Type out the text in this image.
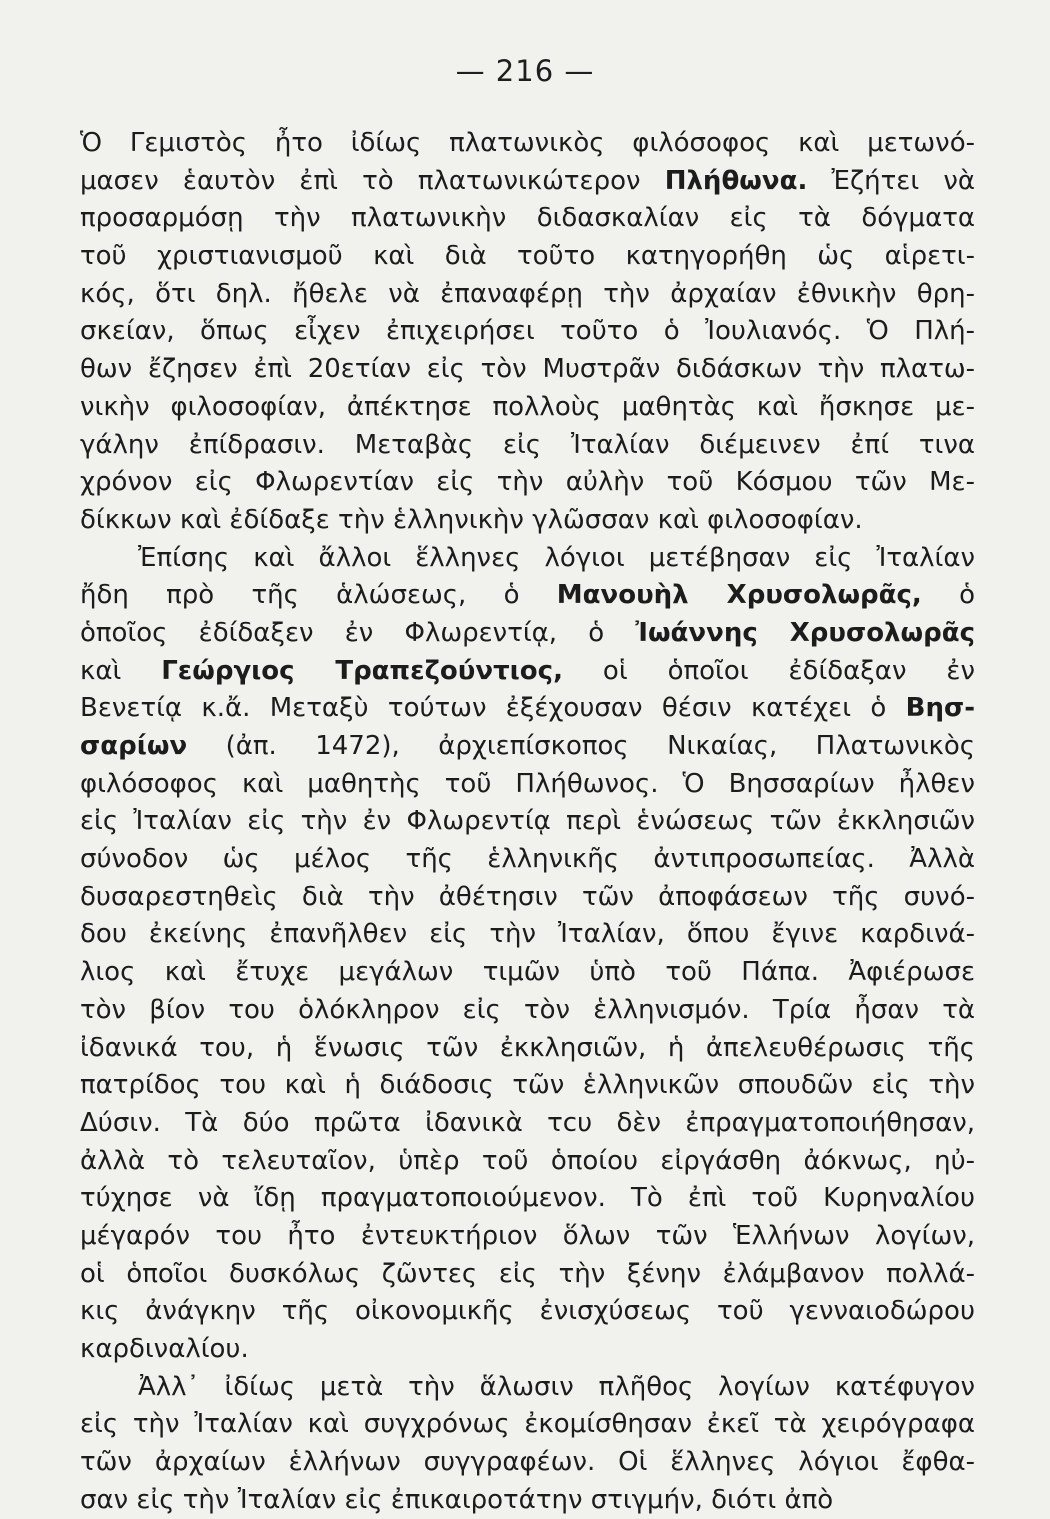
— 216 —
Ὁ Γεμιστὸς ἦτο ἰδίως πλατωνικὸς φιλόσοφος καὶ μετωνό-
μασεν ἑαυτὸν ἐπὶ τὸ πλατωνικώτερον Πλήθωνα. Ἐζήτει νὰ
προσαρμόσῃ τὴν πλατωνικὴν διδασκαλίαν εἰς τὰ δόγματα
τοῦ χριστιανισμοῦ καὶ διὰ τοῦτο κατηγορήθη ὡς αἱρετι-
κός, ὅτι δηλ. ἤθελε νὰ ἐπαναφέρῃ τὴν ἀρχαίαν ἐθνικὴν θρη-
σκείαν, ὅπως εἶχεν ἐπιχειρήσει τοῦτο ὁ Ἰουλιανός. Ὁ Πλή-
θων ἔζησεν ἐπὶ 20ετίαν εἰς τὸν Μυστρᾶν διδάσκων τὴν πλατω-
νικὴν φιλοσοφίαν, ἀπέκτησε πολλοὺς μαθητὰς καὶ ἤσκησε με-
γάλην ἐπίδρασιν. Μεταβὰς εἰς Ἰταλίαν διέμεινεν ἐπί τινα
χρόνον εἰς Φλωρεντίαν εἰς τὴν αὐλὴν τοῦ Κόσμου τῶν Με-
δίκκων καὶ ἐδίδαξε τὴν ἑλληνικὴν γλῶσσαν καὶ φιλοσοφίαν.
Ἐπίσης καὶ ἄλλοι ἕλληνες λόγιοι μετέβησαν εἰς Ἰταλίαν
ἤδη πρὸ τῆς ἁλώσεως, ὁ Μανουὴλ Χρυσολωρᾶς, ὁ
ὁποῖος ἐδίδαξεν ἐν Φλωρεντίᾳ, ὁ Ἰωάννης Χρυσολωρᾶς
καὶ Γεώργιος Τραπεζούντιος, οἱ ὁποῖοι ἐδίδαξαν ἐν
Βενετίᾳ κ.ἄ. Μεταξὺ τούτων ἐξέχουσαν θέσιν κατέχει ὁ Βησ-
σαρίων (ἀπ. 1472), ἀρχιεπίσκοπος Νικαίας, Πλατωνικὸς
φιλόσοφος καὶ μαθητὴς τοῦ Πλήθωνος. Ὁ Βησσαρίων ἦλθεν
εἰς Ἰταλίαν εἰς τὴν ἐν Φλωρεντίᾳ περὶ ἑνώσεως τῶν ἐκκλησιῶν
σύνοδον ὡς μέλος τῆς ἑλληνικῆς ἀντιπροσωπείας. Ἀλλὰ
δυσαρεστηθεὶς διὰ τὴν ἀθέτησιν τῶν ἀποφάσεων τῆς συνό-
δου ἐκείνης ἐπανῆλθεν εἰς τὴν Ἰταλίαν, ὅπου ἔγινε καρδινά-
λιος καὶ ἔτυχε μεγάλων τιμῶν ὑπὸ τοῦ Πάπα. Ἀφιέρωσε
τὸν βίον του ὁλόκληρον εἰς τὸν ἑλληνισμόν. Τρία ἦσαν τὰ
ἰδανικά του, ἡ ἕνωσις τῶν ἐκκλησιῶν, ἡ ἀπελευθέρωσις τῆς
πατρίδος του καὶ ἡ διάδοσις τῶν ἑλληνικῶν σπουδῶν εἰς τὴν
Δύσιν. Τὰ δύο πρῶτα ἰδανικὰ τcυ δὲν ἐπραγματοποιήθησαν,
ἀλλὰ τὸ τελευταῖον, ὑπὲρ τοῦ ὁποίου εἰργάσθη ἀόκνως, ηὐ-
τύχησε νὰ ἴδῃ πραγματοποιούμενον. Τὸ ἐπὶ τοῦ Κυρηναλίου
μέγαρόν του ἦτο ἐντευκτήριον ὅλων τῶν Ἑλλήνων λογίων,
οἱ ὁποῖοι δυσκόλως ζῶντες εἰς τὴν ξένην ἐλάμβανον πολλά-
κις ἀνάγκην τῆς οἰκονομικῆς ἐνισχύσεως τοῦ γενναιοδώρου
καρδιναλίου.
Ἀλλ᾽ ἰδίως μετὰ τὴν ἅλωσιν πλῆθος λογίων κατέφυγον
εἰς τὴν Ἰταλίαν καὶ συγχρόνως ἐκομίσθησαν ἐκεῖ τὰ χειρόγραφα
τῶν ἀρχαίων ἑλλήνων συγγραφέων. Οἱ ἕλληνες λόγιοι ἔφθα-
σαν εἰς τὴν Ἰταλίαν εἰς ἐπικαιροτάτην στιγμήν, διότι ἀπὸ
